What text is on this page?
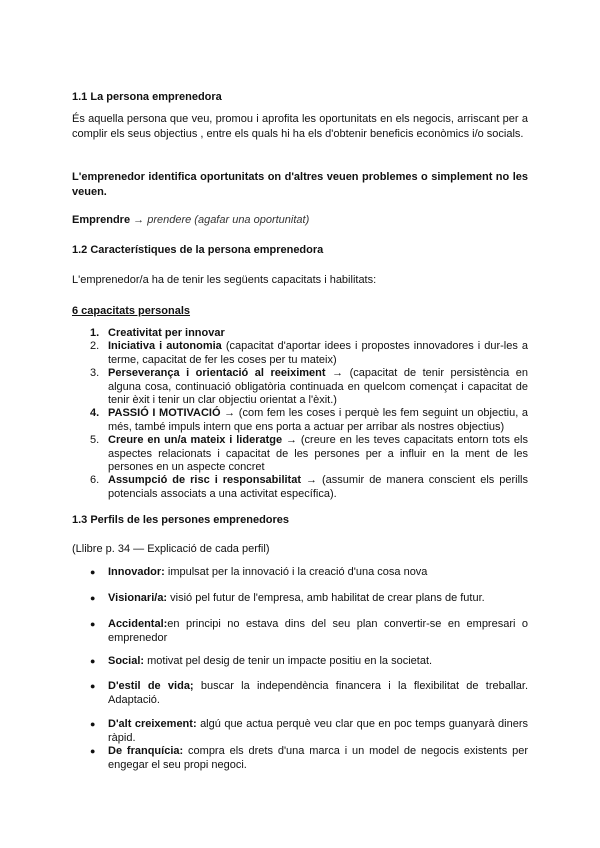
1.1 La persona emprenedora
És aquella persona que veu, promou i aprofita les oportunitats en els negocis, arriscant per a complir els seus objectius , entre els quals hi ha els d'obtenir beneficis econòmics i/o socials.
L'emprenedor identifica oportunitats on d'altres veuen problemes o simplement no les veuen.
Emprendre → prendere (agafar una oportunitat)
1.2 Característiques de la persona emprenedora
L'emprenedor/a ha de tenir les següents capacitats i habilitats:
6 capacitats personals
1. Creativitat per innovar
2. Iniciativa i autonomia (capacitat d'aportar idees i propostes innovadores i dur-les a terme, capacitat de fer les coses per tu mateix)
3. Perseverança i orientació al reeiximent → (capacitat de tenir persistència en alguna cosa, continuació obligatòria continuada en quelcom començat i capacitat de tenir èxit i tenir un clar objectiu orientat a l'èxit.)
4. PASSIÓ I MOTIVACIÓ → (com fem les coses i perquè les fem seguint un objectiu, a més, també impuls intern que ens porta a actuar per arribar als nostres objectius)
5. Creure en un/a mateix i lideratge → (creure en les teves capacitats entorn tots els aspectes relacionats i capacitat de les persones per a influir en la ment de les persones en un aspecte concret
6. Assumpció de risc i responsabilitat → (assumir de manera conscient els perills potencials associats a una activitat específica).
1.3 Perfils de les persones emprenedores
(Llibre p. 34 — Explicació de cada perfil)
●	Innovador: impulsat per la innovació i la creació d'una cosa nova
●	Visionari/a: visió pel futur de l'empresa, amb habilitat de crear plans de futur.
●	Accidental:en principi no estava dins del seu plan convertir-se en empresari o emprenedor
●	Social: motivat pel desig de tenir un impacte positiu en la societat.
●	D'estil de vida; buscar la independència financera i la flexibilitat de treballar. Adaptació.
●	D'alt creixement: algú que actua perquè veu clar que en poc temps guanyarà diners ràpid.
●	De franquícia: compra els drets d'una marca i un model de negocis existents per engegar el seu propi negoci.
